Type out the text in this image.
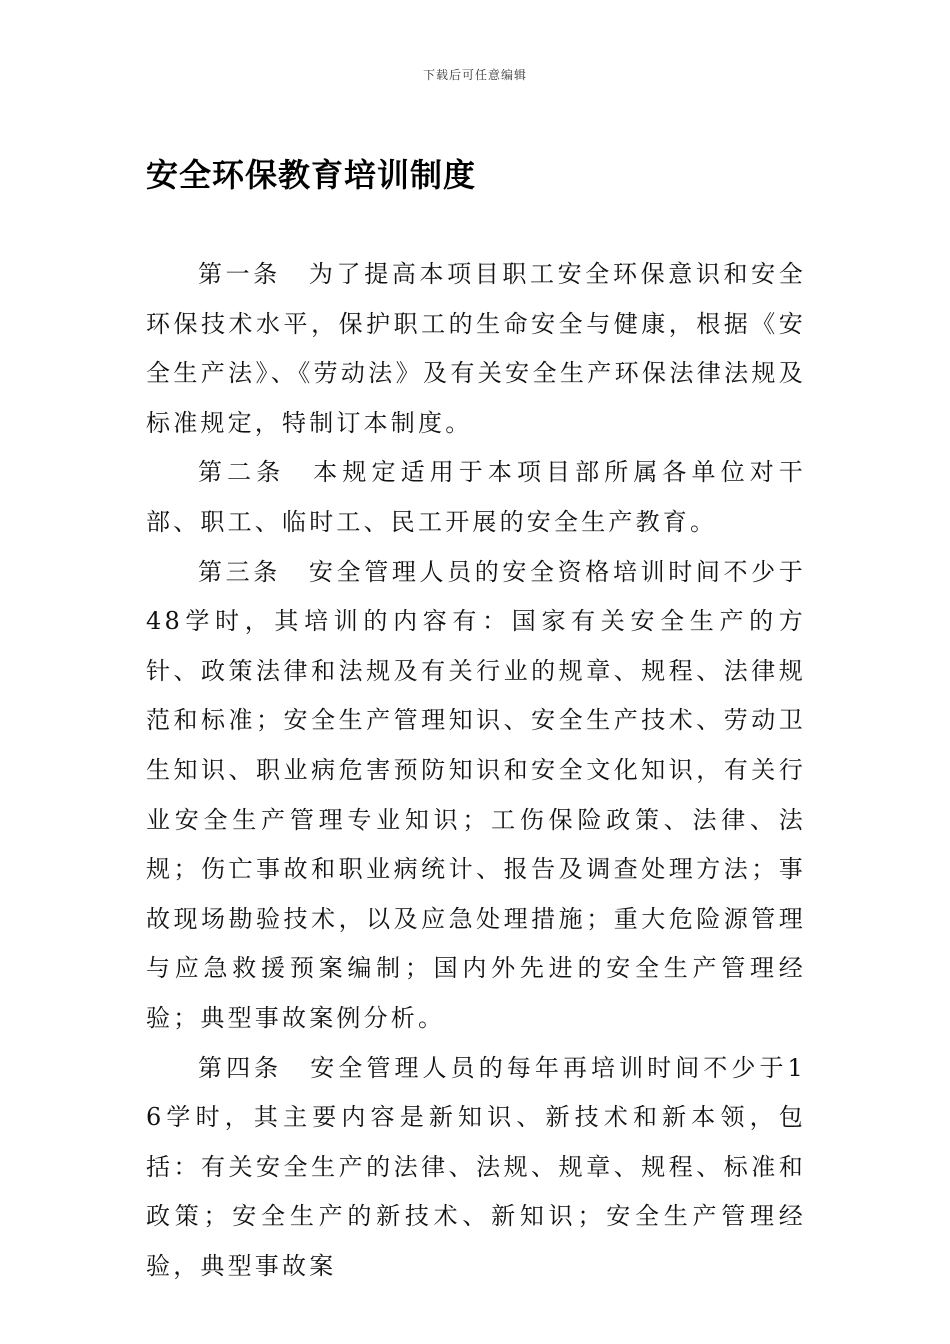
下载后可任意编辑
安全环保教育培训制度

第一条 为了提高本项目职工安全环保意识和安全环保技术水平，保护职工的生命安全与健康，根据《安全生产法》、《劳动法》及有关安全生产环保法律法规及标准规定，特制订本制度。

第二条 本规定适用于本项目部所属各单位对干部、职工、临时工、民工开展的安全生产教育。

第三条 安全管理人员的安全资格培训时间不少于48学时，其培训的内容有：国家有关安全生产的方针、政策法律和法规及有关行业的规章、规程、法律规范和标准；安全生产管理知识、安全生产技术、劳动卫生知识、职业病危害预防知识和安全文化知识，有关行业安全生产管理专业知识；工伤保险政策、法律、法规；伤亡事故和职业病统计、报告及调查处理方法；事故现场勘验技术，以及应急处理措施；重大危险源管理与应急救援预案编制；国内外先进的安全生产管理经验；典型事故案例分析。

第四条 安全管理人员的每年再培训时间不少于16学时，其主要内容是新知识、新技术和新本领，包括：有关安全生产的法律、法规、规章、规程、标准和政策；安全生产的新技术、新知识；安全生产管理经验，典型事故案
